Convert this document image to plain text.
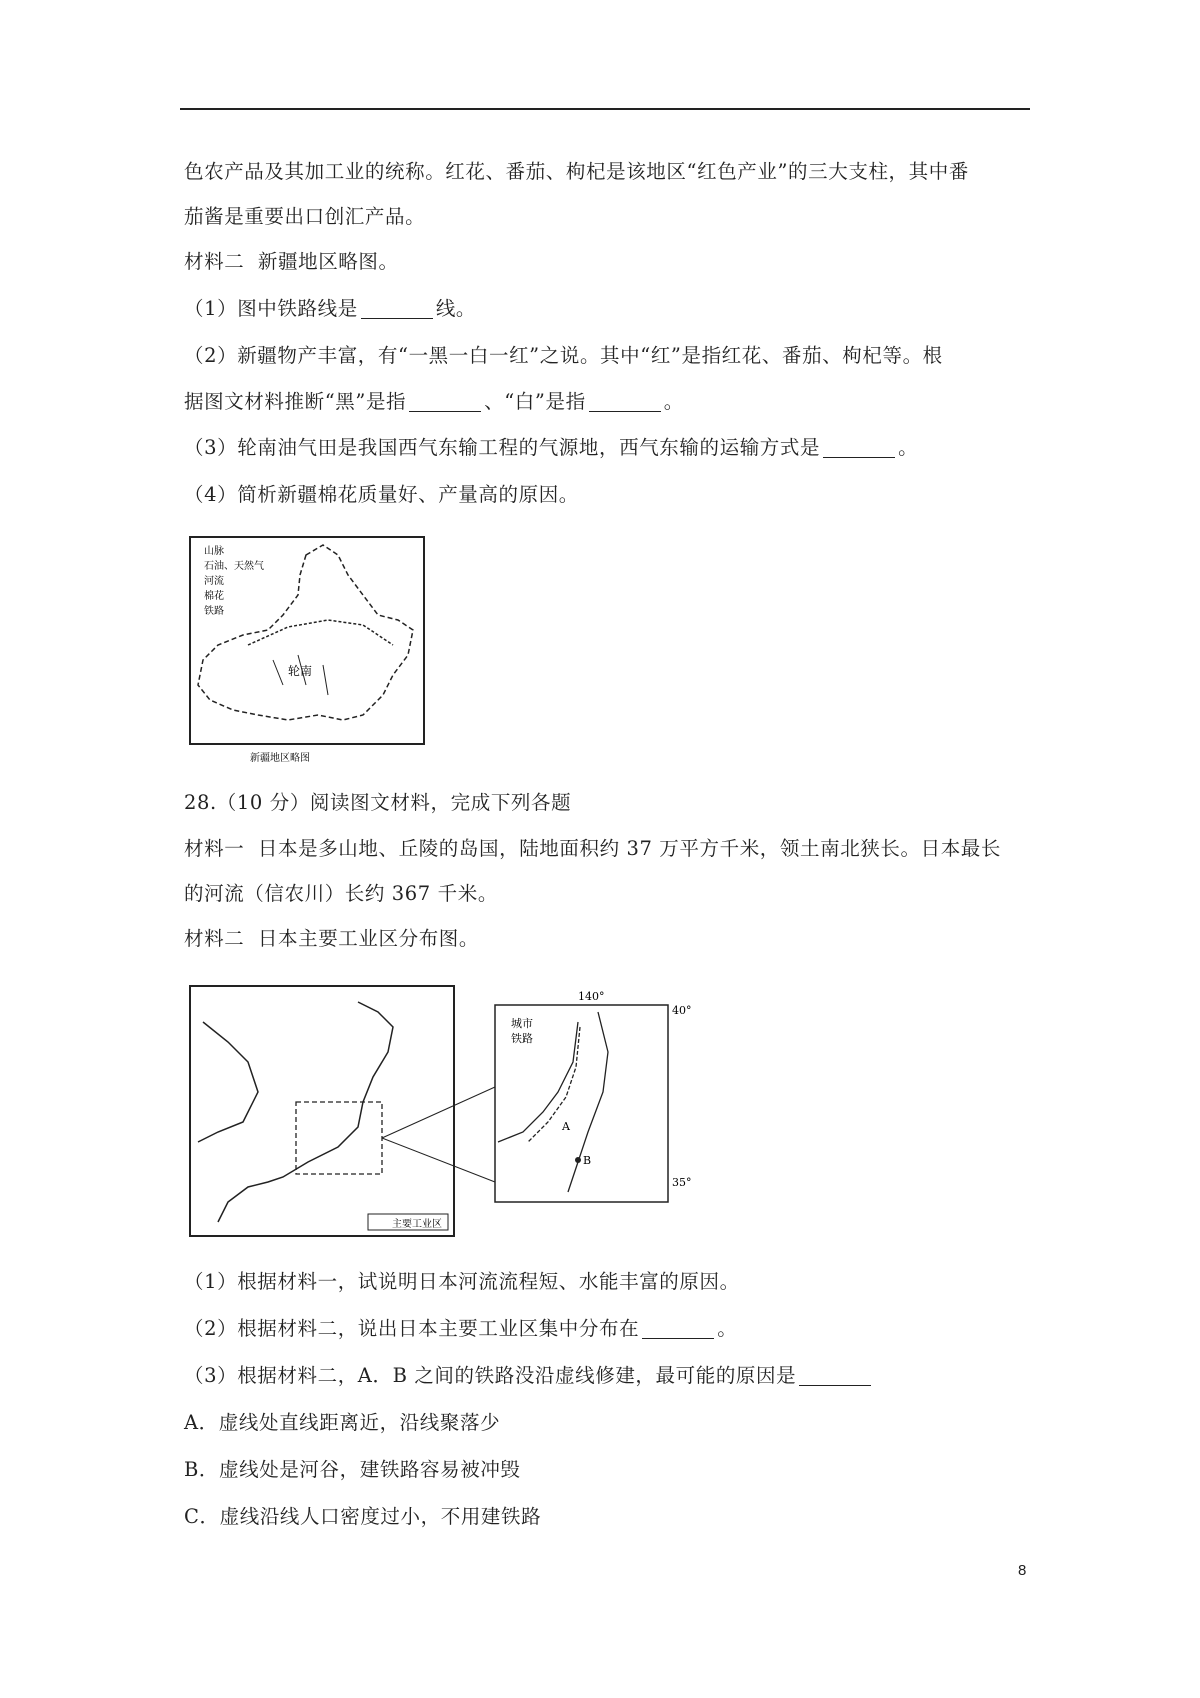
色农产品及其加工业的统称。红花、番茄、枸杞是该地区“红色产业”的三大支柱，其中番
茄酱是重要出口创汇产品。
材料二  新疆地区略图。
（1）图中铁路线是	线。
（2）新疆物产丰富，有“一黑一白一红”之说。其中“红”是指红花、番茄、枸杞等。根
据图文材料推断“黑”是指	、“白”是指	。
（3）轮南油气田是我国西气东输工程的气源地，西气东输的运输方式是	。
（4）简析新疆棉花质量好、产量高的原因。
山脉
石油、天然气
河流
棉花
铁路
轮南
新疆地区略图
28.（10 分）阅读图文材料，完成下列各题
材料一  日本是多山地、丘陵的岛国，陆地面积约 37 万平方千米，领土南北狭长。日本最长
的河流（信农川）长约 367 千米。
材料二  日本主要工业区分布图。
主要工业区
城市
铁路
140°
40°
35°
A
B
（1）根据材料一，试说明日本河流流程短、水能丰富的原因。
（2）根据材料二，说出日本主要工业区集中分布在	。
（3）根据材料二，A．B 之间的铁路没沿虚线修建，最可能的原因是
A．虚线处直线距离近，沿线聚落少
B．虚线处是河谷，建铁路容易被冲毁
C．虚线沿线人口密度过小，不用建铁路
8
